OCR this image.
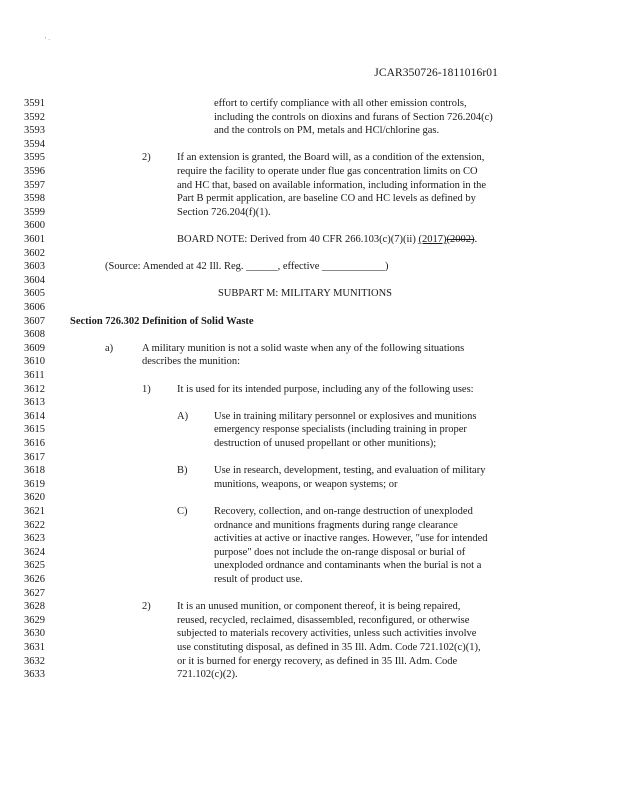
' ·
JCAR350726-1811016r01
3591
3592
3593
3594
3595
3596
3597
3598
3599
3600
3601
3602
3603
3604
3605
3606
3607
3608
3609
3610
3611
3612
3613
3614
3615
3616
3617
3618
3619
3620
3621
3622
3623
3624
3625
3626
3627
3628
3629
3630
3631
3632
3633
effort to certify compliance with all other emission controls,
including the controls on dioxins and furans of Section 726.204(c)
and the controls on PM, metals and HCl/chlorine gas.
2)	If an extension is granted, the Board will, as a condition of the extension,
require the facility to operate under flue gas concentration limits on CO
and HC that, based on available information, including information in the
Part B permit application, are baseline CO and HC levels as defined by
Section 726.204(f)(1).
BOARD NOTE: Derived from 40 CFR 266.103(c)(7)(ii) (2017)(2002).
(Source: Amended at 42 Ill. Reg. ______, effective ____________)
SUBPART M: MILITARY MUNITIONS
Section 726.302 Definition of Solid Waste
a)	A military munition is not a solid waste when any of the following situations
describes the munition:
1)	It is used for its intended purpose, including any of the following uses:
A) Use in training military personnel or explosives and munitions
emergency response specialists (including training in proper
destruction of unused propellant or other munitions);
B)	Use in research, development, testing, and evaluation of military
munitions, weapons, or weapon systems; or
C)	Recovery, collection, and on-range destruction of unexploded
ordnance and munitions fragments during range clearance
activities at active or inactive ranges. However, "use for intended
purpose" does not include the on-range disposal or burial of
unexploded ordnance and contaminants when the burial is not a
result of product use.
2)	It is an unused munition, or component thereof, it is being repaired,
reused, recycled, reclaimed, disassembled, reconfigured, or otherwise
subjected to materials recovery activities, unless such activities involve
use constituting disposal, as defined in 35 Ill. Adm. Code 721.102(c)(1),
or it is burned for energy recovery, as defined in 35 Ill. Adm. Code
721.102(c)(2).
